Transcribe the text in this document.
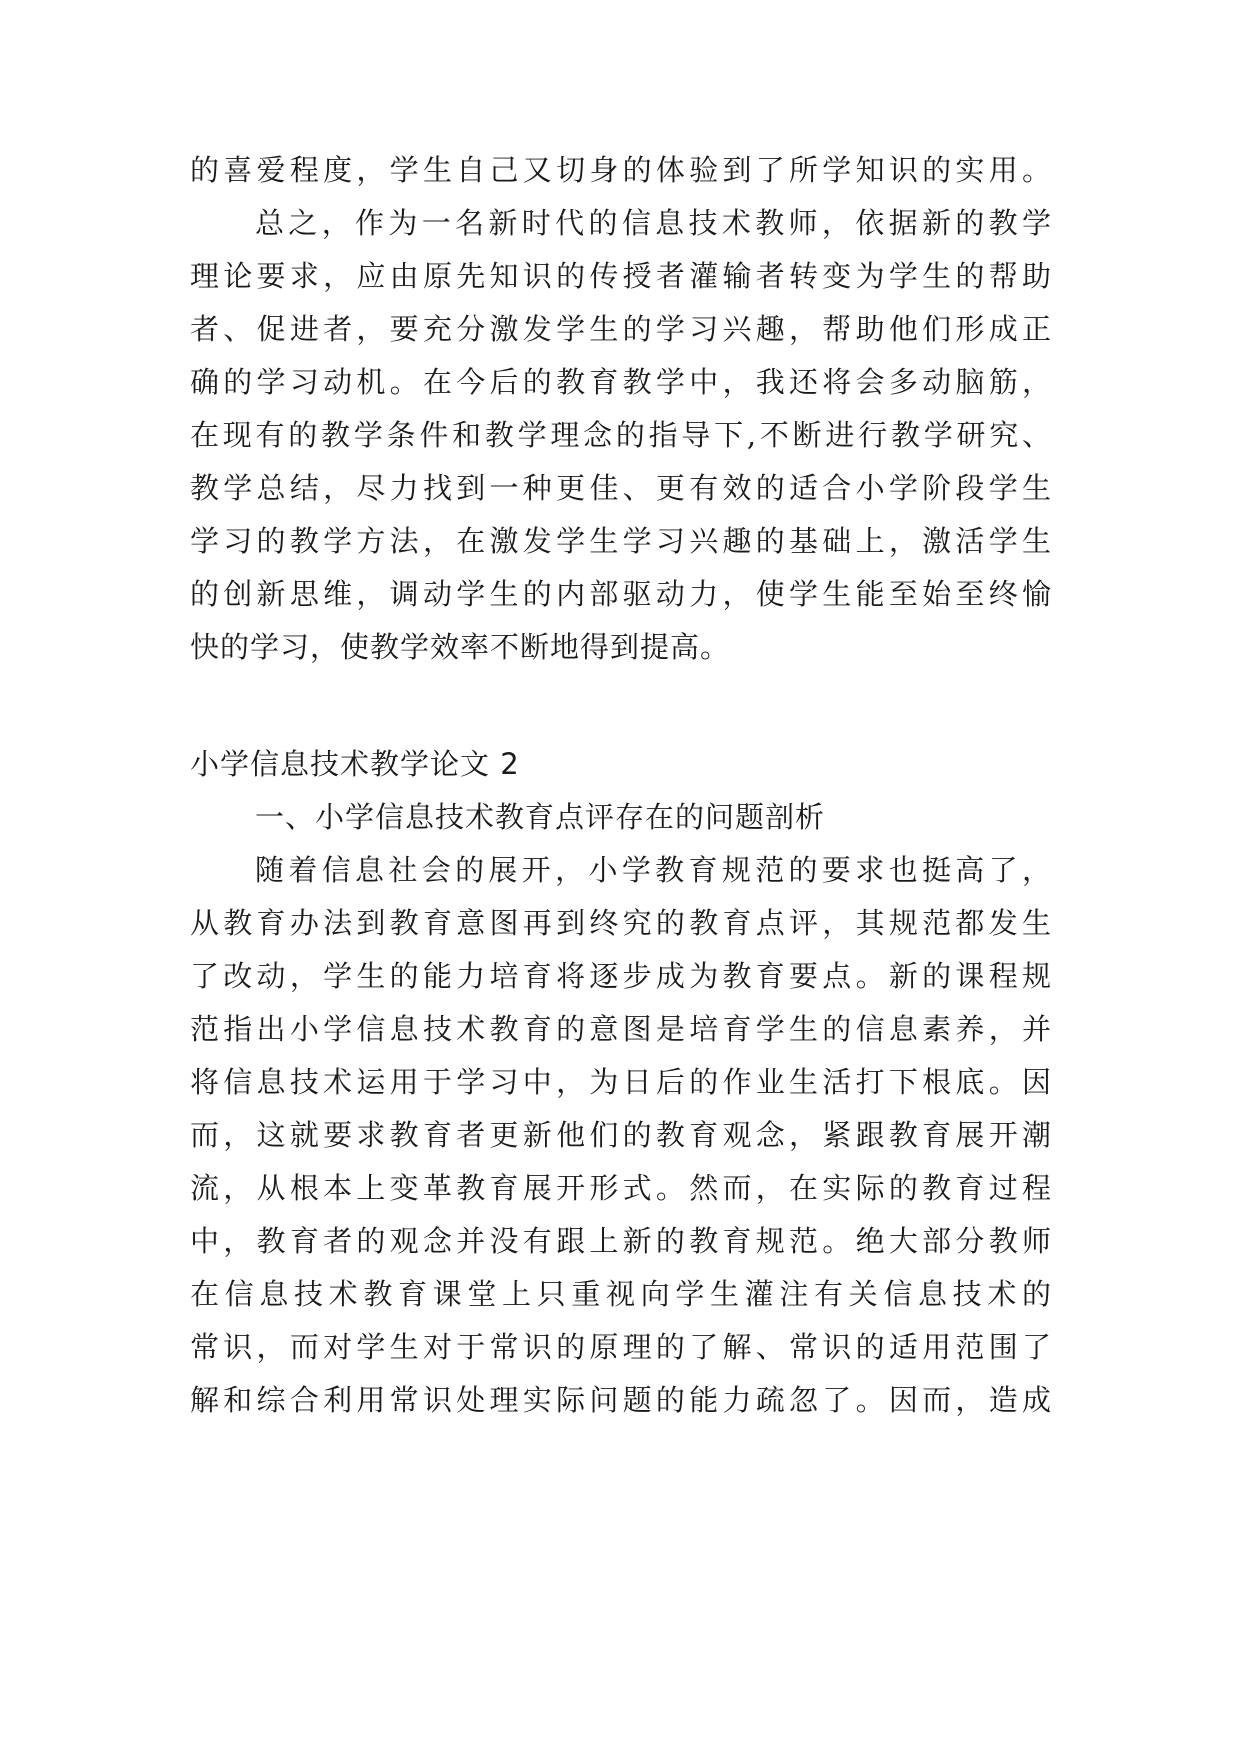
的喜爱程度，学生自己又切身的体验到了所学知识的实用。
总之，作为一名新时代的信息技术教师，依据新的教学
理论要求，应由原先知识的传授者灌输者转变为学生的帮助
者、促进者，要充分激发学生的学习兴趣，帮助他们形成正
确的学习动机。在今后的教育教学中，我还将会多动脑筋，
在现有的教学条件和教学理念的指导下,不断进行教学研究、
教学总结，尽力找到一种更佳、更有效的适合小学阶段学生
学习的教学方法，在激发学生学习兴趣的基础上，激活学生
的创新思维，调动学生的内部驱动力，使学生能至始至终愉
快的学习，使教学效率不断地得到提高。
小学信息技术教学论文 2
一、小学信息技术教育点评存在的问题剖析
随着信息社会的展开，小学教育规范的要求也挺高了，
从教育办法到教育意图再到终究的教育点评，其规范都发生
了改动，学生的能力培育将逐步成为教育要点。新的课程规
范指出小学信息技术教育的意图是培育学生的信息素养，并
将信息技术运用于学习中，为日后的作业生活打下根底。因
而，这就要求教育者更新他们的教育观念，紧跟教育展开潮
流，从根本上变革教育展开形式。然而，在实际的教育过程
中，教育者的观念并没有跟上新的教育规范。绝大部分教师
在信息技术教育课堂上只重视向学生灌注有关信息技术的
常识，而对学生对于常识的原理的了解、常识的适用范围了
解和综合利用常识处理实际问题的能力疏忽了。因而，造成
